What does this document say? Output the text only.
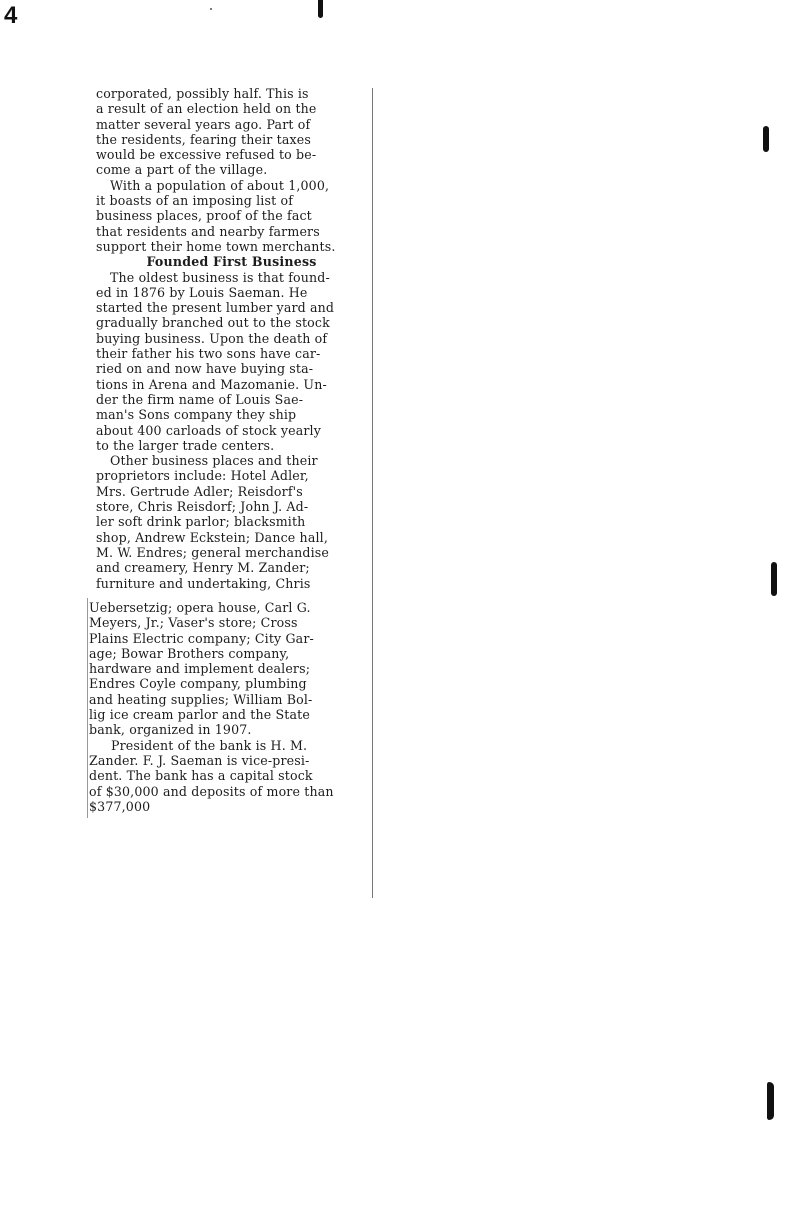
4
corporated, possibly half. This is
a result of an election held on the
matter several years ago. Part of
the residents, fearing their taxes
would be excessive refused to be-
come a part of the village.
With a population of about 1,000,
it boasts of an imposing list of
business places, proof of the fact
that residents and nearby farmers
support their home town merchants.
Founded First Business
The oldest business is that found-
ed in 1876 by Louis Saeman. He
started the present lumber yard and
gradually branched out to the stock
buying business. Upon the death of
their father his two sons have car-
ried on and now have buying sta-
tions in Arena and Mazomanie. Un-
der the firm name of Louis Sae-
man's Sons company they ship
about 400 carloads of stock yearly
to the larger trade centers.
Other business places and their
proprietors include: Hotel Adler,
Mrs. Gertrude Adler; Reisdorf's
store, Chris Reisdorf; John J. Ad-
ler soft drink parlor; blacksmith
shop, Andrew Eckstein; Dance hall,
M. W. Endres; general merchandise
and creamery, Henry M. Zander;
furniture and undertaking, Chris
Uebersetzig; opera house, Carl G.
Meyers, Jr.; Vaser's store; Cross
Plains Electric company; City Gar-
age; Bowar Brothers company,
hardware and implement dealers;
Endres Coyle company, plumbing
and heating supplies; William Bol-
lig ice cream parlor and the State
bank, organized in 1907.
President of the bank is H. M.
Zander. F. J. Saeman is vice-presi-
dent. The bank has a capital stock
of $30,000 and deposits of more than
$377,000
